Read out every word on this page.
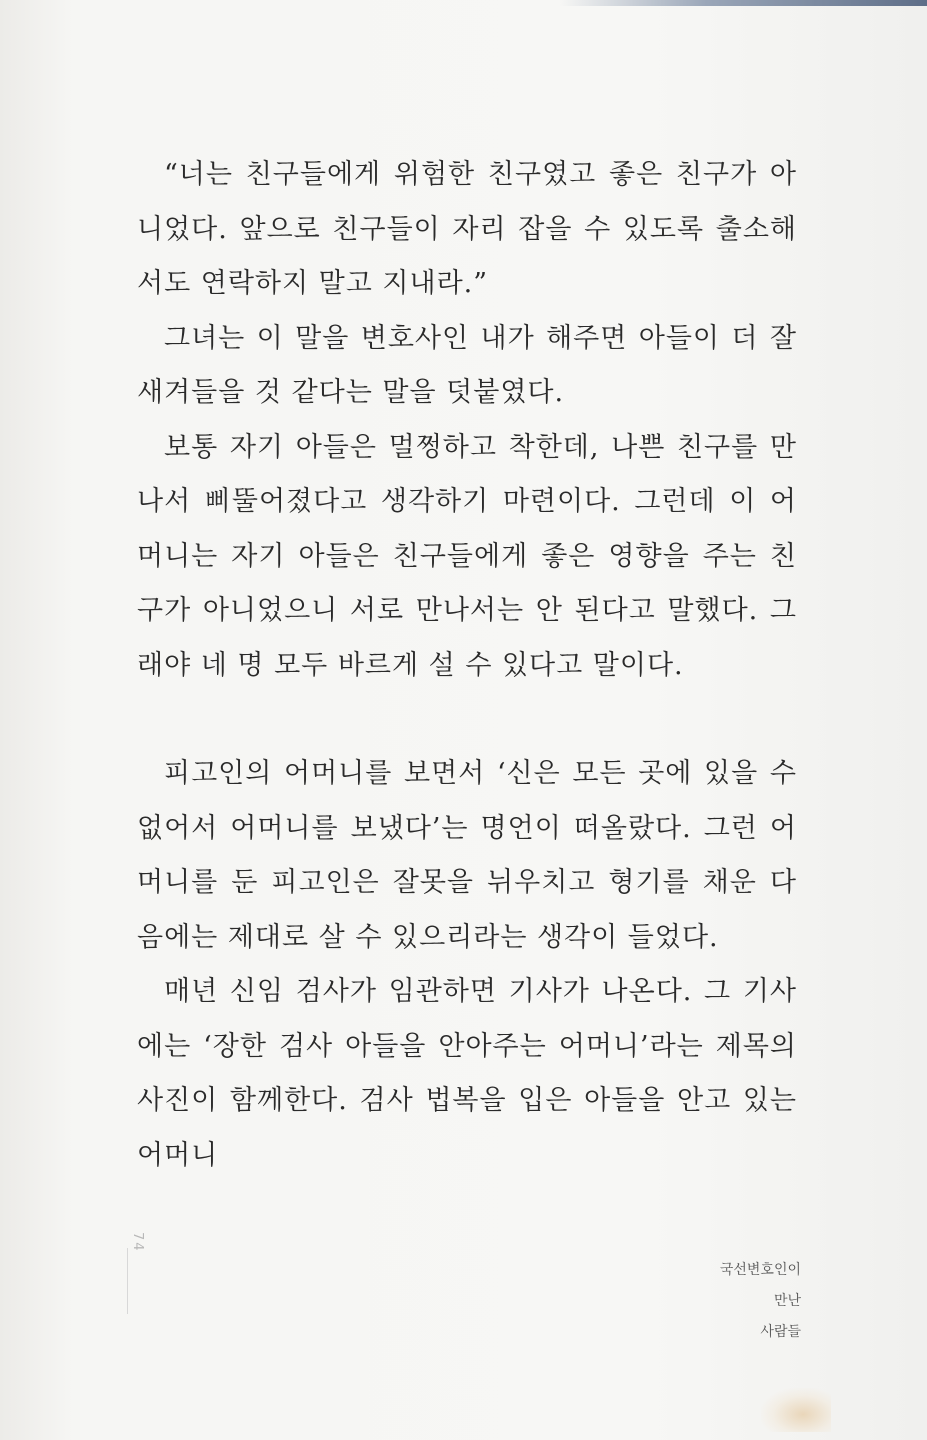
“너는 친구들에게 위험한 친구였고 좋은 친구가 아니었다. 앞으로 친구들이 자리 잡을 수 있도록 출소해서도 연락하지 말고 지내라.”

그녀는 이 말을 변호사인 내가 해주면 아들이 더 잘 새겨들을 것 같다는 말을 덧붙였다.

보통 자기 아들은 멀쩡하고 착한데, 나쁜 친구를 만나서 삐뚤어졌다고 생각하기 마련이다. 그런데 이 어머니는 자기 아들은 친구들에게 좋은 영향을 주는 친구가 아니었으니 서로 만나서는 안 된다고 말했다. 그래야 네 명 모두 바르게 설 수 있다고 말이다.

피고인의 어머니를 보면서 ‘신은 모든 곳에 있을 수 없어서 어머니를 보냈다’는 명언이 떠올랐다. 그런 어머니를 둔 피고인은 잘못을 뉘우치고 형기를 채운 다음에는 제대로 살 수 있으리라는 생각이 들었다.

매년 신임 검사가 임관하면 기사가 나온다. 그 기사에는 ‘장한 검사 아들을 안아주는 어머니’라는 제목의 사진이 함께한다. 검사 법복을 입은 아들을 안고 있는 어머니

74
국선변호인이
만난
사람들
